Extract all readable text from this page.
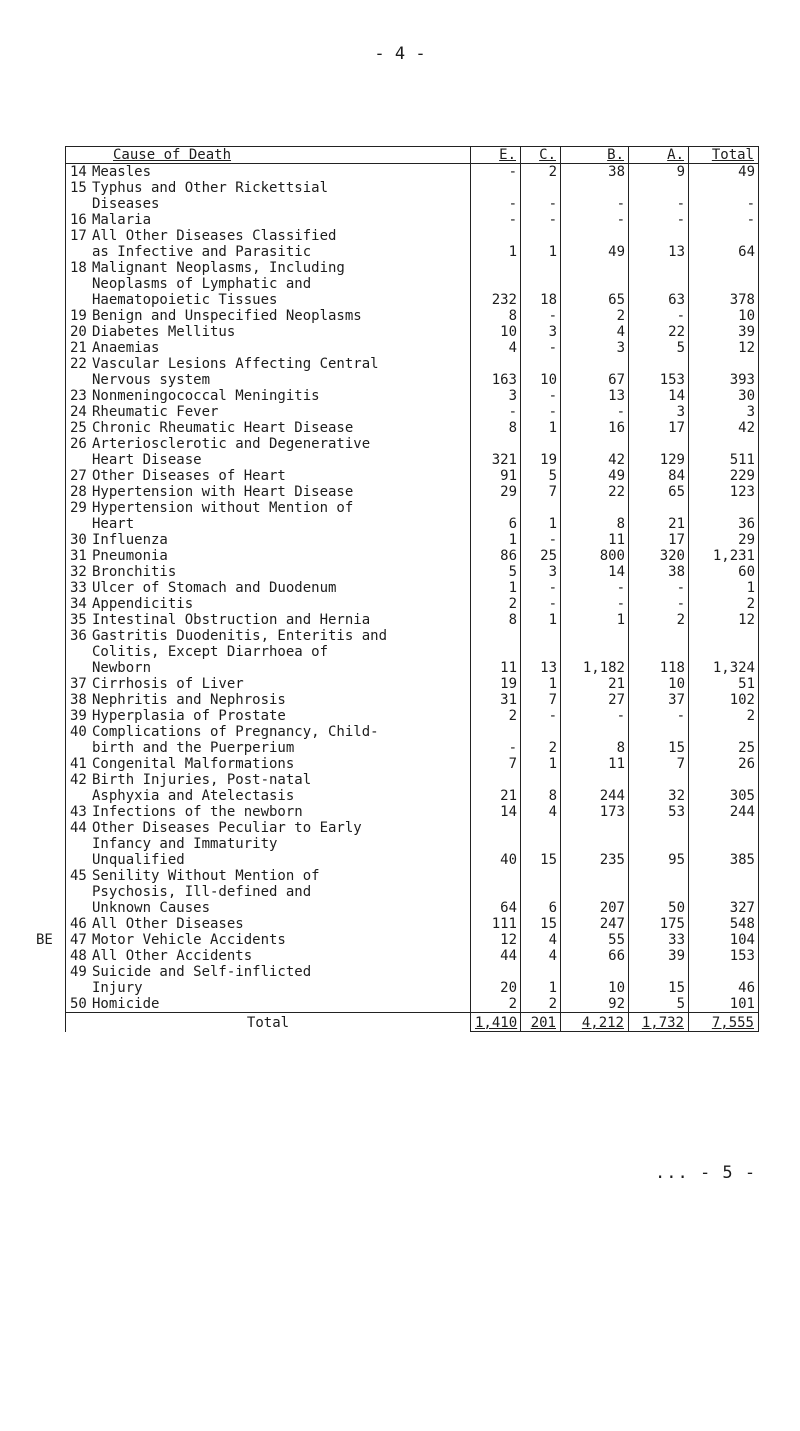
- 4 -
Cause of Death	E.	C.	B.	A.	Total

14 Measles	-	2	38	9	49

15 Typhus and Other Rickettsial
Diseases	-	-	-	-	-

16 Malaria	-	-	-	-	-

17 All Other Diseases Classified
as Infective and Parasitic	1	1	49	13	64

18 Malignant Neoplasms, Including
Neoplasms of Lymphatic and
Haematopoietic Tissues	232	18	65	63	378

19 Benign and Unspecified Neoplasms	8	-	2	-	10

20 Diabetes Mellitus	10	3	4	22	39

21 Anaemias	4	-	3	5	12

22 Vascular Lesions Affecting Central
Nervous system	163	10	67	153	393

23 Nonmeningococcal Meningitis	3	-	13	14	30

24 Rheumatic Fever	-	-	-	3	3

25 Chronic Rheumatic Heart Disease	8	1	16	17	42

26 Arteriosclerotic and Degenerative
Heart Disease	321	19	42	129	511

27 Other Diseases of Heart	91	5	49	84	229

28 Hypertension with Heart Disease	29	7	22	65	123

29 Hypertension without Mention of
Heart	6	1	8	21	36

30 Influenza	1	-	11	17	29

31 Pneumonia	86	25	800	320	1,231

32 Bronchitis	5	3	14	38	60

33 Ulcer of Stomach and Duodenum	1	-	-	-	1

34 Appendicitis	2	-	-	-	2

35 Intestinal Obstruction and Hernia	8	1	1	2	12

36 Gastritis Duodenitis, Enteritis and
Colitis, Except Diarrhoea of
Newborn	11	13	1,182	118	1,324

37 Cirrhosis of Liver	19	1	21	10	51

38 Nephritis and Nephrosis	31	7	27	37	102

39 Hyperplasia of Prostate	2	-	-	-	2

40 Complications of Pregnancy, Child-
birth and the Puerperium	-	2	8	15	25

41 Congenital Malformations	7	1	11	7	26

42 Birth Injuries, Post-natal
Asphyxia and Atelectasis	21	8	244	32	305

43 Infections of the newborn	14	4	173	53	244

44 Other Diseases Peculiar to Early
Infancy and Immaturity
Unqualified	40	15	235	95	385

45 Senility Without Mention of
Psychosis, Ill-defined and
Unknown Causes	64	6	207	50	327

46 All Other Diseases	111	15	247	175	548

BE 47 Motor Vehicle Accidents	12	4	55	33	104

48 All Other Accidents	44	4	66	39	153

49 Suicide and Self-inflicted
Injury	20	1	10	15	46

50 Homicide	2	2	92	5	101
Total	1,410	201	4,212	1,732	7,555
... - 5 -
